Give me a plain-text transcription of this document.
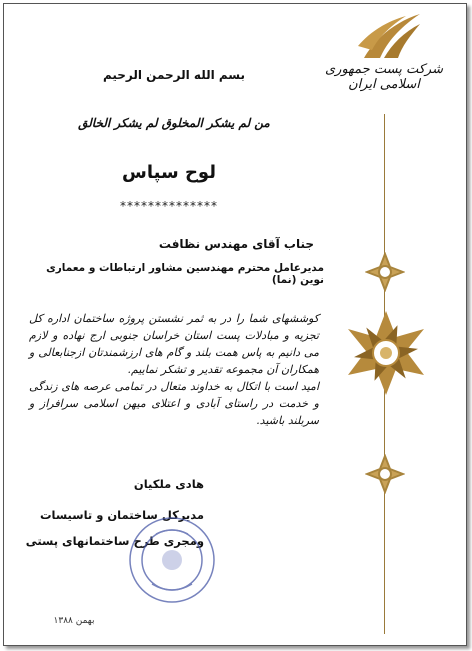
شرکت پست جمهوری اسلامی ایران
بسم الله الرحمن الرحیم
من لم یشکر المخلوق لم یشکر الخالق
لوح سپاس
**************
جناب آقای مهندس نظافت
مدیرعامل محترم مهندسین مشاور ارتباطات و معماری نوین (نما)

کوششهای شما را در به ثمر نشستن پروژه ساختمان اداره کل تجزیه و مبادلات پست استان خراسان جنوبی ارج نهاده و لازم می دانیم به پاس همت بلند و گام های ارزشمندتان ازجنابعالی و همکاران آن مجموعه تقدیر و تشکر نماییم.

امید است با اتکال به خداوند متعال در تمامی عرصه های زندگی و خدمت در راستای آبادی و اعتلای میهن اسلامی سرافراز و سربلند باشید.

هادی ملکیان
مدیرکل ساختمان و تاسیسات
ومجری طرح ساختمانهای پستی
بهمن ۱۳۸۸
